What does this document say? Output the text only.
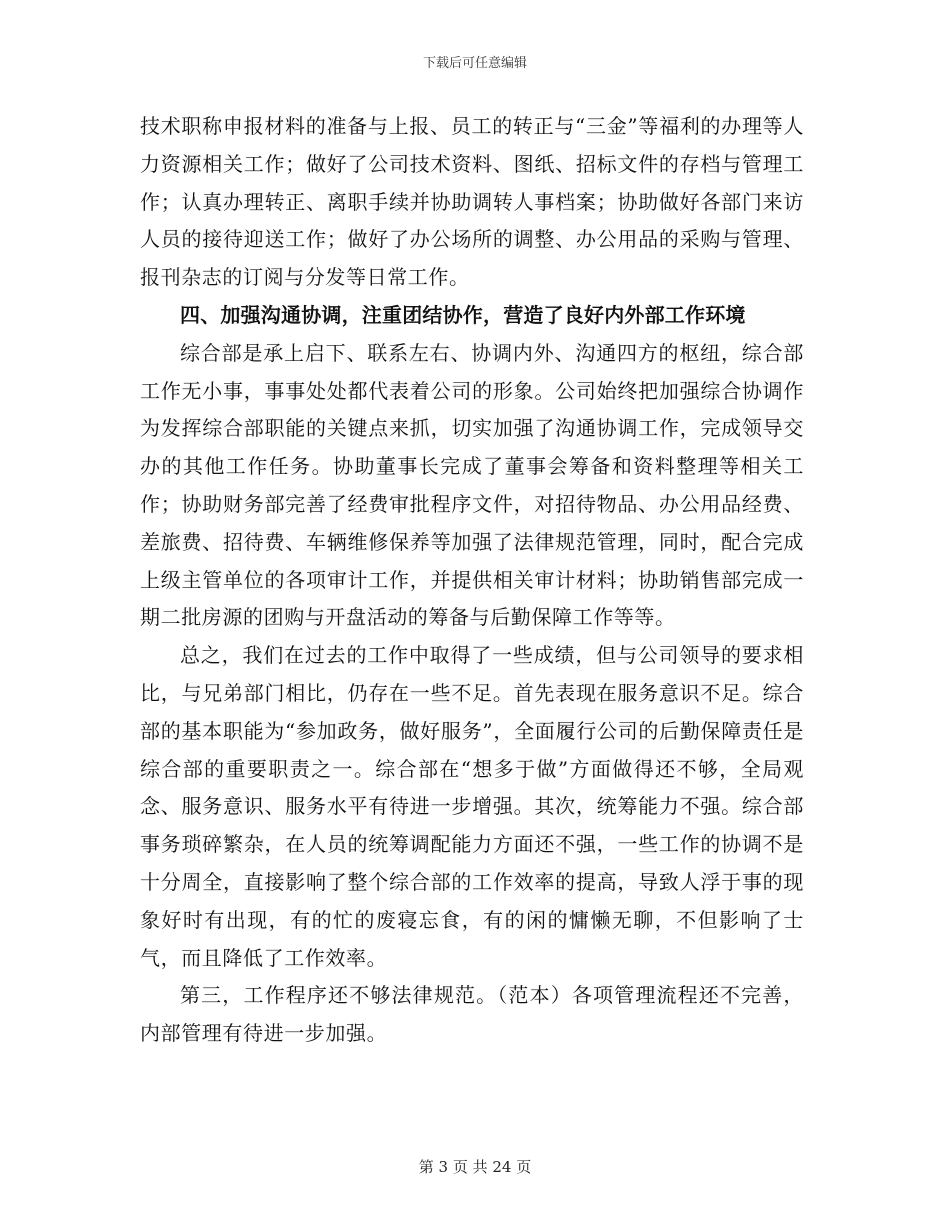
下载后可任意编辑

技术职称申报材料的准备与上报、员工的转正与“三金”等福利的办理等人力资源相关工作；做好了公司技术资料、图纸、招标文件的存档与管理工作；认真办理转正、离职手续并协助调转人事档案；协助做好各部门来访人员的接待迎送工作；做好了办公场所的调整、办公用品的采购与管理、报刊杂志的订阅与分发等日常工作。

四、加强沟通协调，注重团结协作，营造了良好内外部工作环境

综合部是承上启下、联系左右、协调内外、沟通四方的枢纽，综合部工作无小事，事事处处都代表着公司的形象。公司始终把加强综合协调作为发挥综合部职能的关键点来抓，切实加强了沟通协调工作，完成领导交办的其他工作任务。协助董事长完成了董事会筹备和资料整理等相关工作；协助财务部完善了经费审批程序文件，对招待物品、办公用品经费、差旅费、招待费、车辆维修保养等加强了法律规范管理，同时，配合完成上级主管单位的各项审计工作，并提供相关审计材料；协助销售部完成一期二批房源的团购与开盘活动的筹备与后勤保障工作等等。

总之，我们在过去的工作中取得了一些成绩，但与公司领导的要求相比，与兄弟部门相比，仍存在一些不足。首先表现在服务意识不足。综合部的基本职能为“参加政务，做好服务”，全面履行公司的后勤保障责任是综合部的重要职责之一。综合部在“想多于做”方面做得还不够，全局观念、服务意识、服务水平有待进一步增强。其次，统筹能力不强。综合部事务琐碎繁杂，在人员的统筹调配能力方面还不强，一些工作的协调不是十分周全，直接影响了整个综合部的工作效率的提高，导致人浮于事的现象好时有出现，有的忙的废寝忘食，有的闲的慵懒无聊，不但影响了士气，而且降低了工作效率。

第三，工作程序还不够法律规范。（范本）各项管理流程还不完善，内部管理有待进一步加强。

第 3 页 共 24 页
